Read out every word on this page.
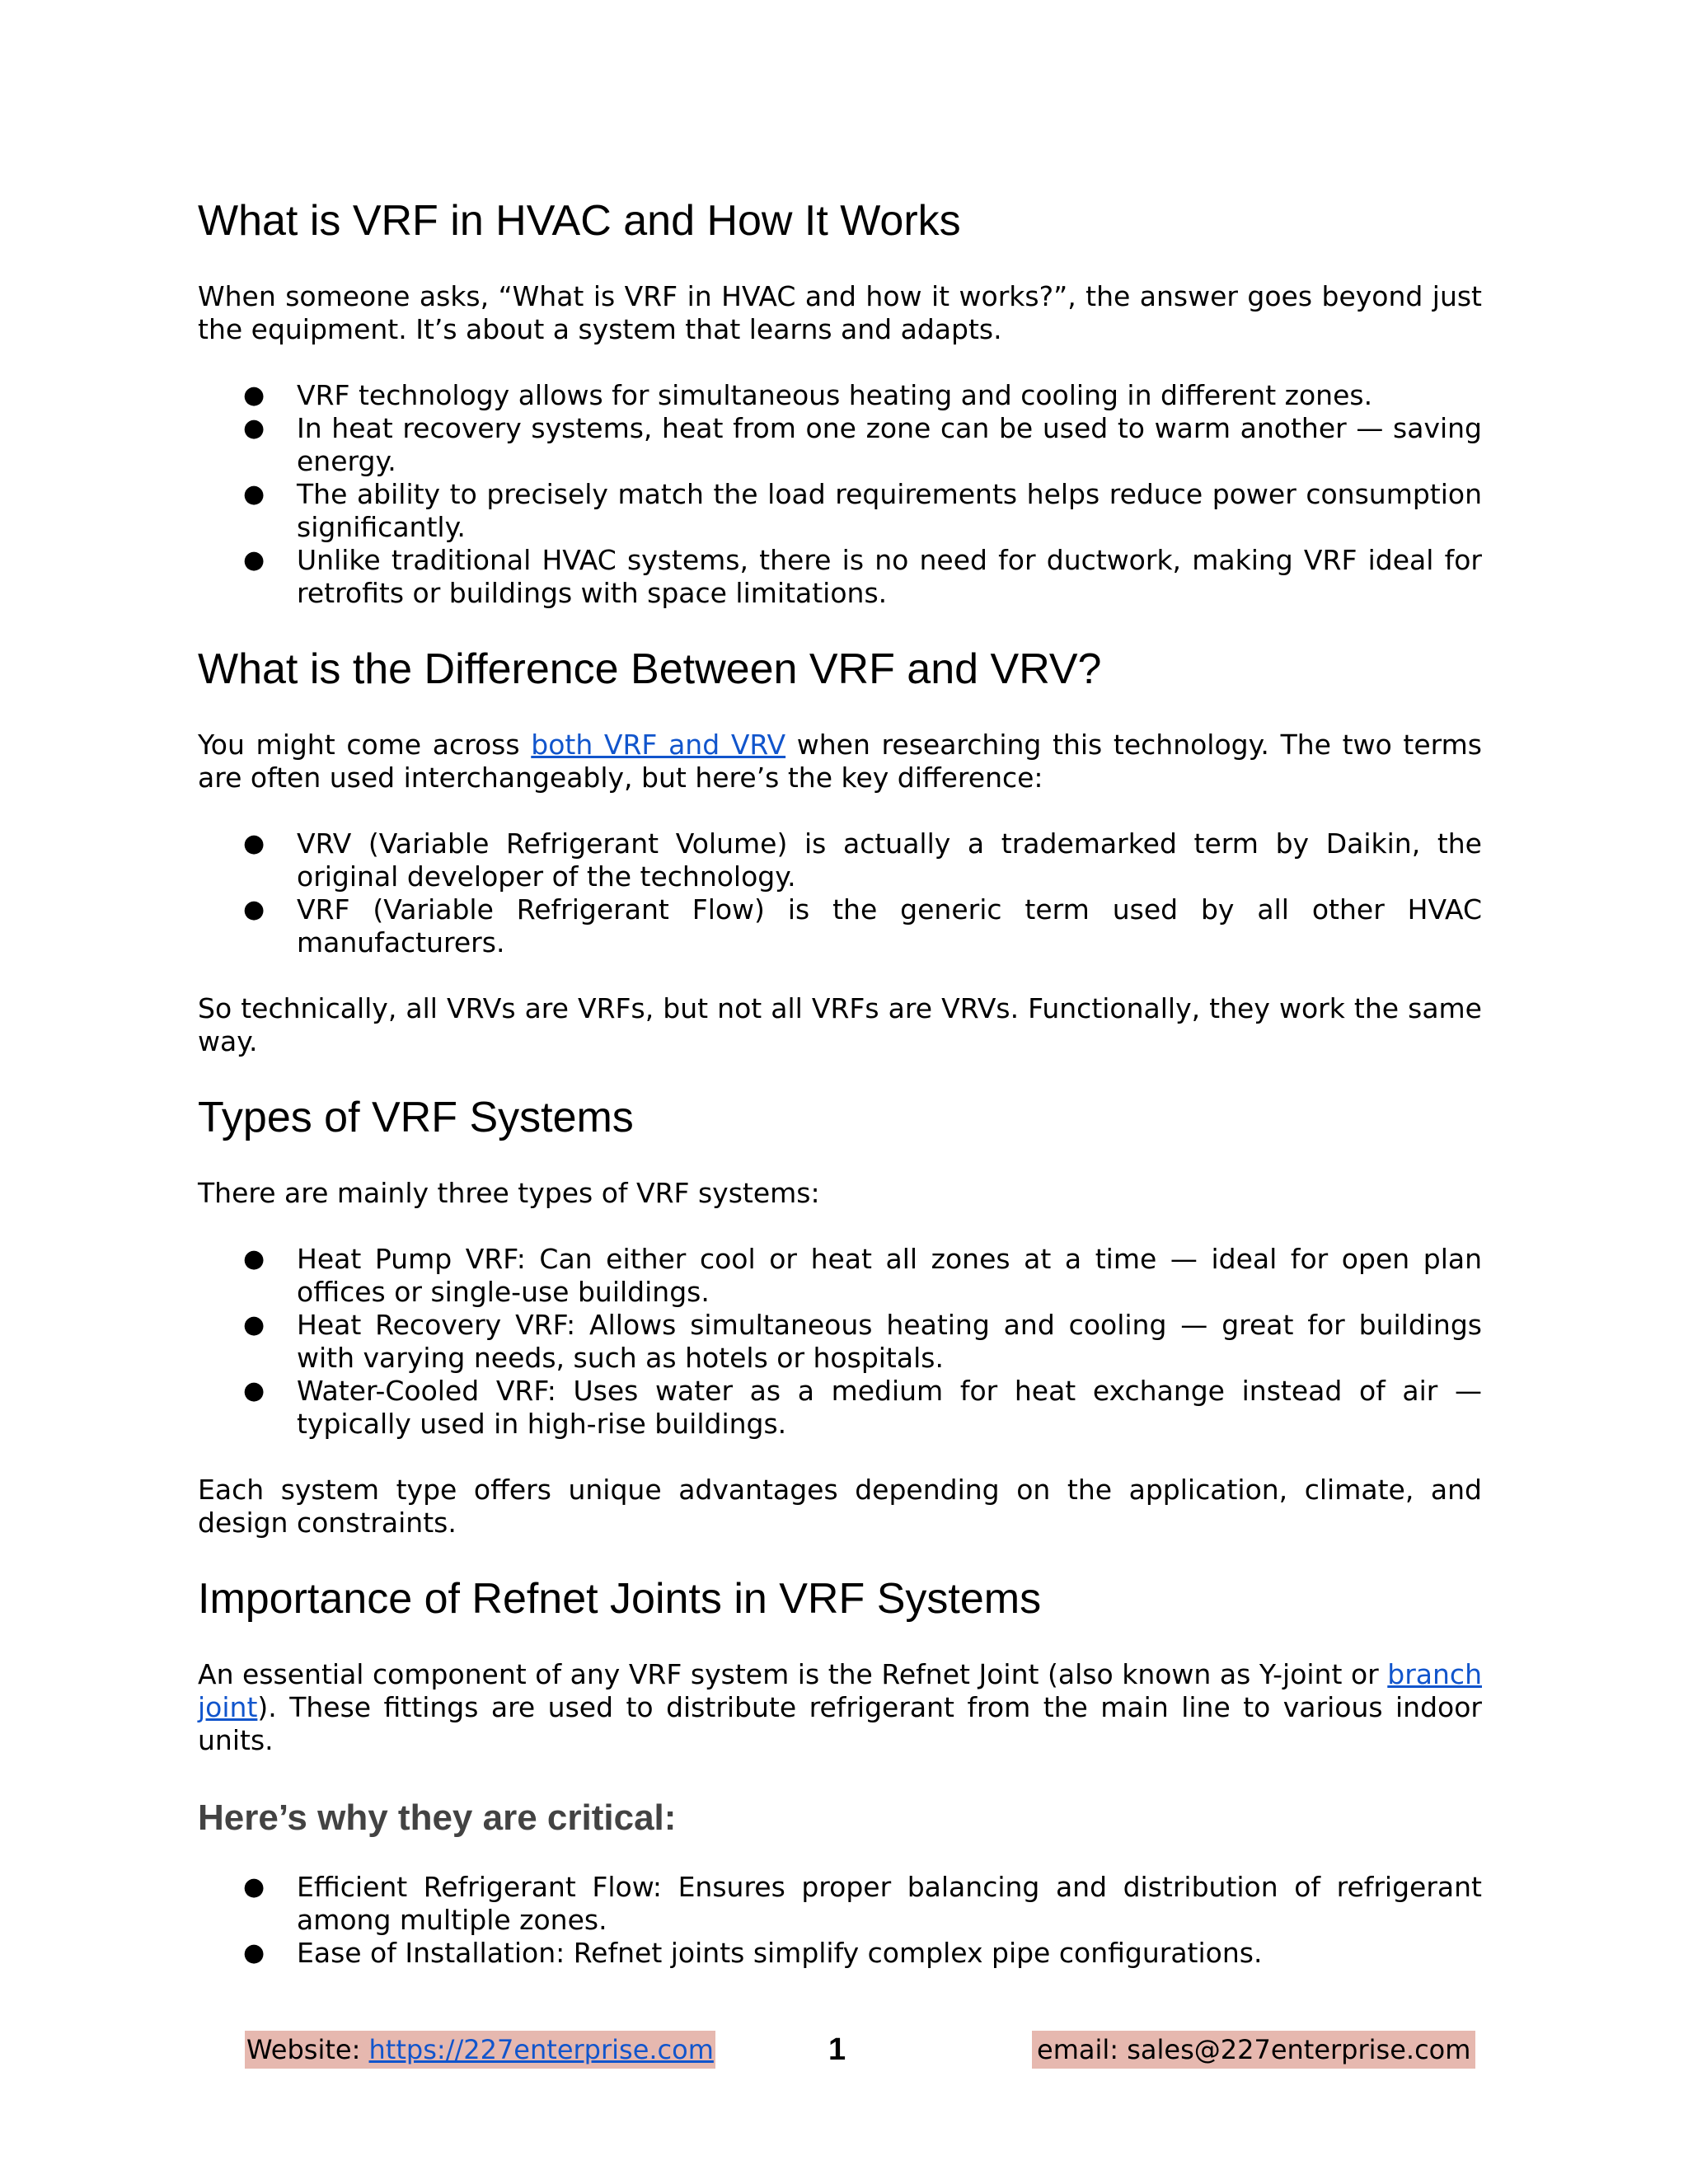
What is VRF in HVAC and How It Works

When someone asks, “What is VRF in HVAC and how it works?”, the answer goes beyond just the equipment. It’s about a system that learns and adapts.

●	VRF technology allows for simultaneous heating and cooling in different zones.
●	In heat recovery systems, heat from one zone can be used to warm another — saving energy.
●	The ability to precisely match the load requirements helps reduce power consumption significantly.
●	Unlike traditional HVAC systems, there is no need for ductwork, making VRF ideal for retrofits or buildings with space limitations.
What is the Difference Between VRF and VRV?

You might come across both VRF and VRV when researching this technology. The two terms are often used interchangeably, but here’s the key difference:

●	VRV (Variable Refrigerant Volume) is actually a trademarked term by Daikin, the original developer of the technology.
●	VRF (Variable Refrigerant Flow) is the generic term used by all other HVAC manufacturers.

So technically, all VRVs are VRFs, but not all VRFs are VRVs. Functionally, they work the same way.

Types of VRF Systems

There are mainly three types of VRF systems:

●	Heat Pump VRF: Can either cool or heat all zones at a time — ideal for open plan offices or single-use buildings.
●	Heat Recovery VRF: Allows simultaneous heating and cooling — great for buildings with varying needs, such as hotels or hospitals.
●	Water-Cooled VRF: Uses water as a medium for heat exchange instead of air — typically used in high-rise buildings.

Each system type offers unique advantages depending on the application, climate, and design constraints.

Importance of Refnet Joints in VRF Systems

An essential component of any VRF system is the Refnet Joint (also known as Y-joint or branch joint). These fittings are used to distribute refrigerant from the main line to various indoor units.

Here’s why they are critical:
●	Efficient Refrigerant Flow: Ensures proper balancing and distribution of refrigerant among multiple zones.
●	Ease of Installation: Refnet joints simplify complex pipe configurations.
Website: https://227enterprise.com	1	email: sales@227enterprise.com
